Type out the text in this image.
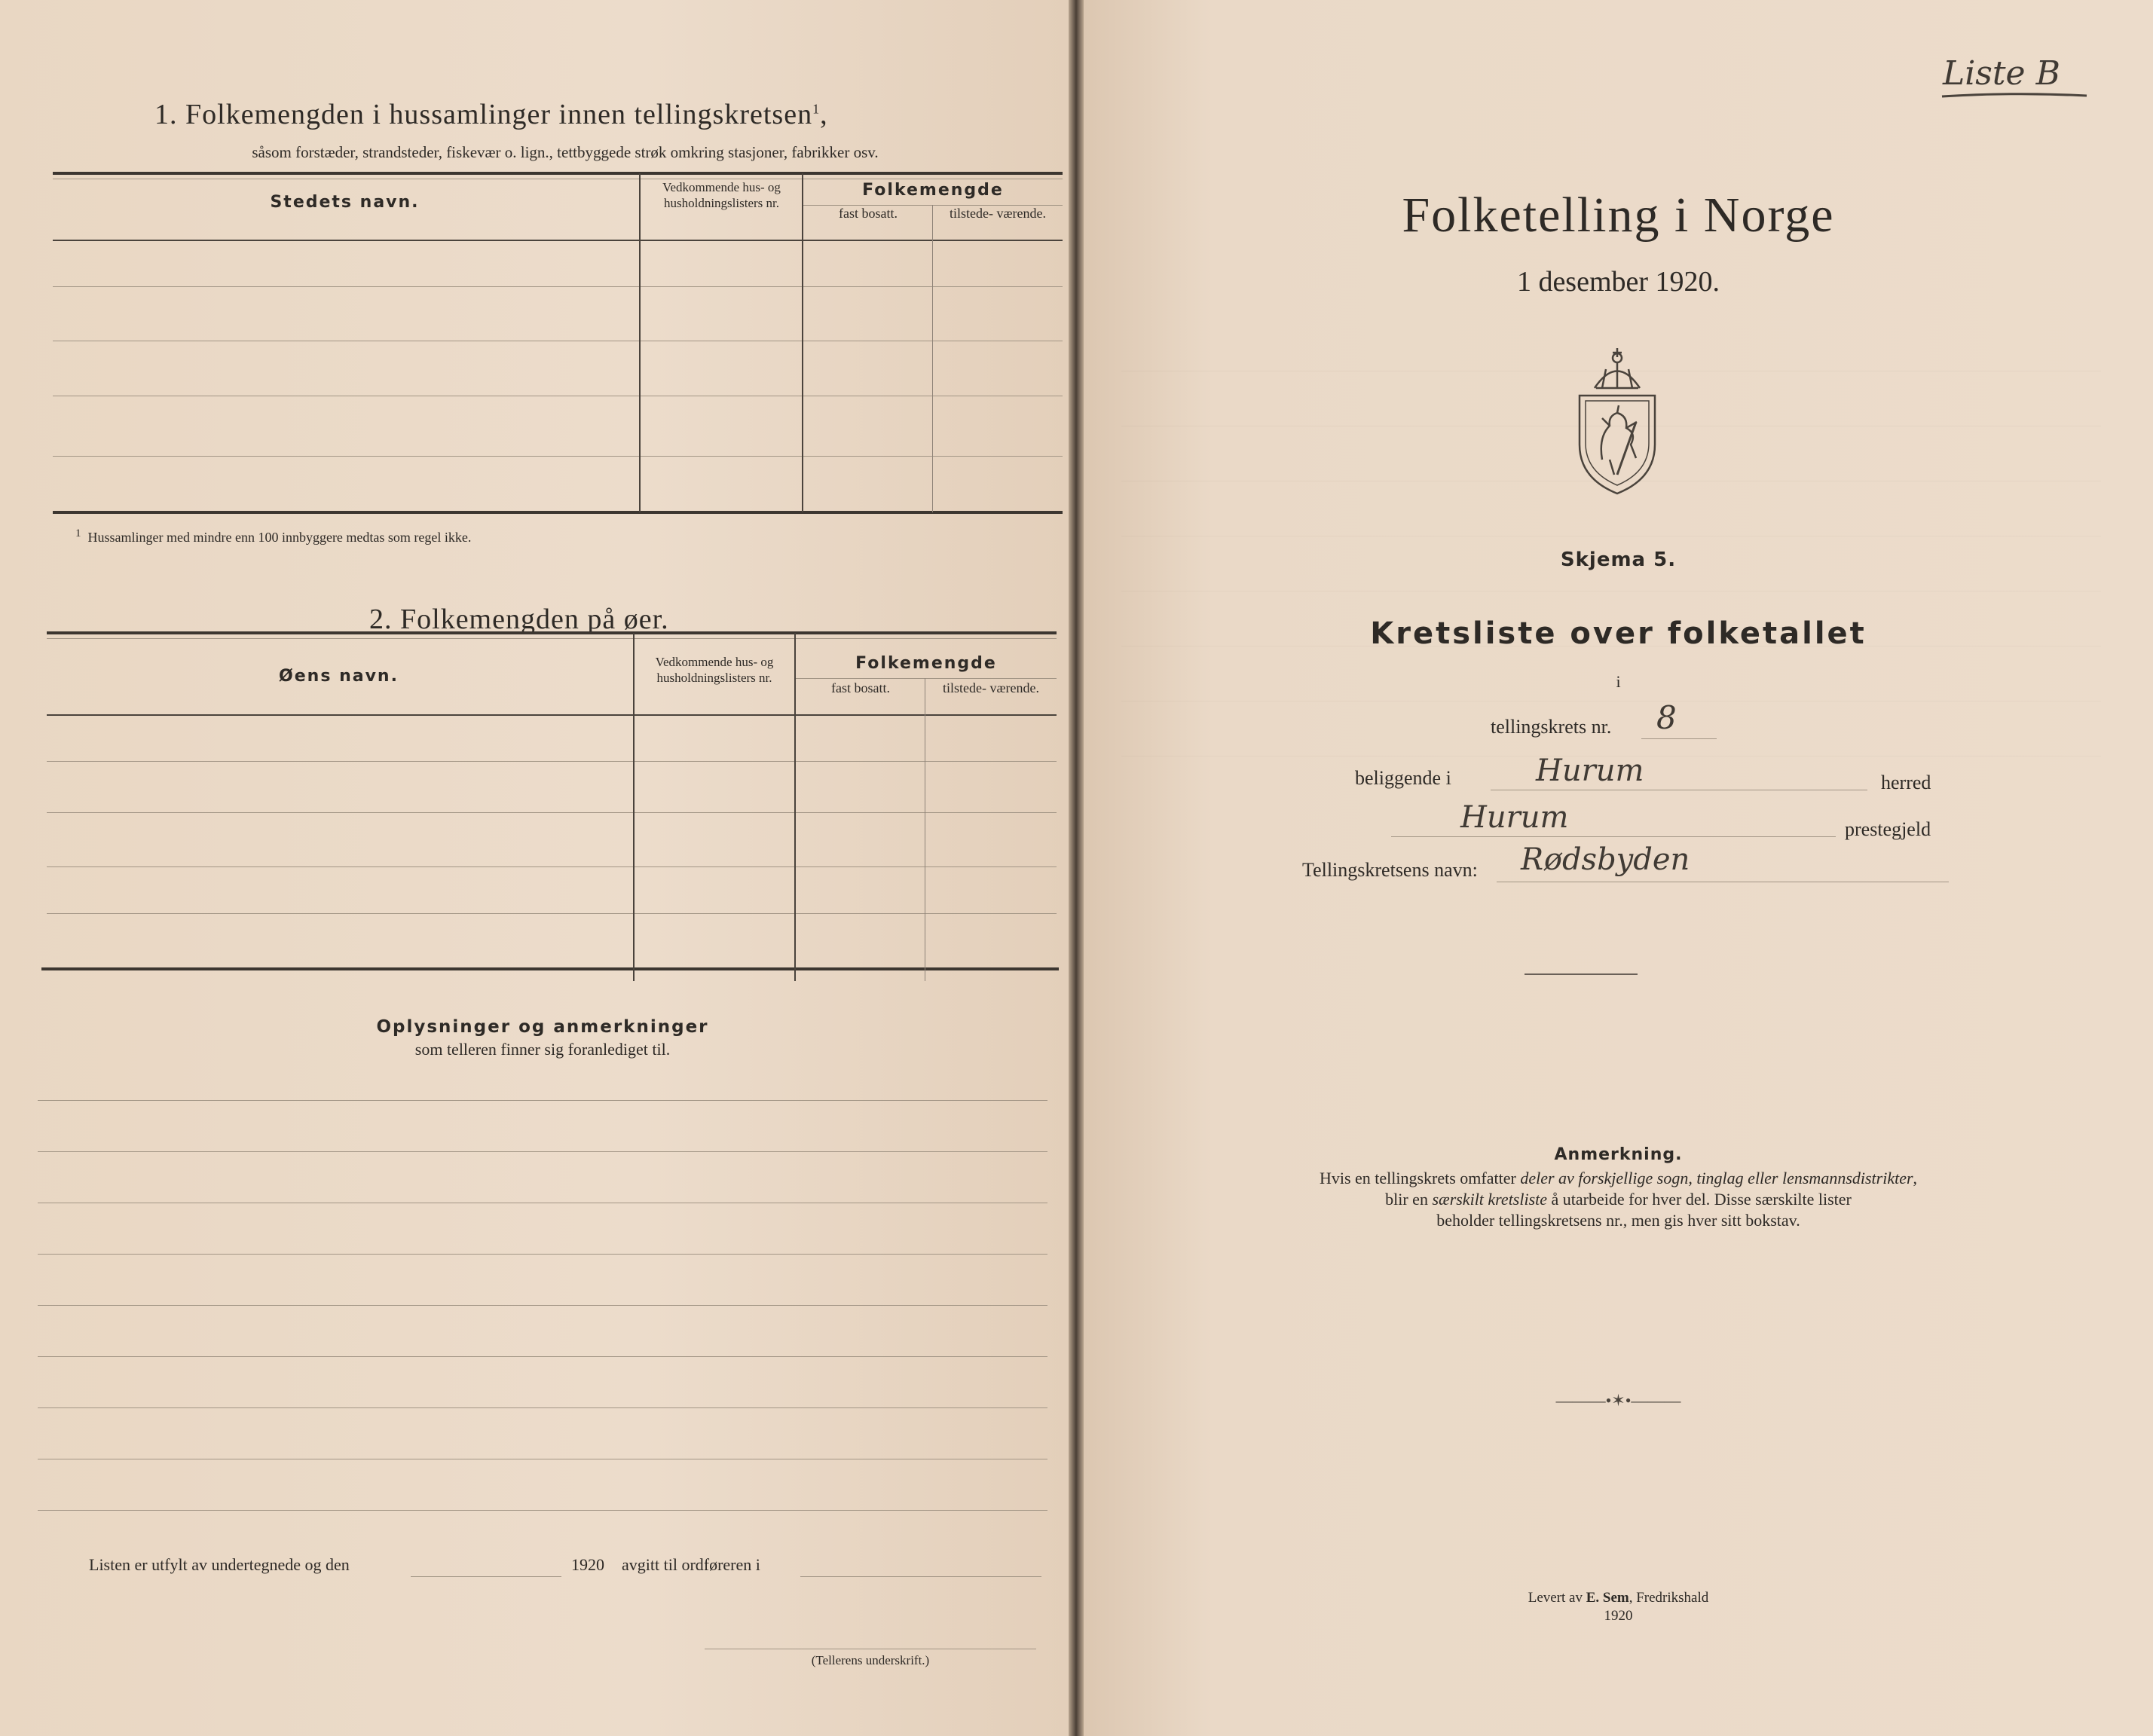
1. Folkemengden i hussamlinger innen tellingskretsen$^1$,
såsom forstæder, strandsteder, fiskevær o. lign., tettbyggede strøk omkring stasjoner, fabrikker osv.
Stedets navn.
Vedkommende hus- og husholdningslisters nr.
Folkemengde
fast bosatt.	tilstede- værende.
$^1$ Hussamlinger med mindre enn 100 innbyggere medtas som regel ikke.
2. Folkemengden på øer.
Øens navn.
Vedkommende hus- og husholdningslisters nr.
Folkemengde
fast bosatt.	tilstede- værende.
Oplysninger og anmerkninger
som telleren finner sig foranlediget til.
Listen er utfylt av undertegnede og den	1920 avgitt til ordføreren i
(Tellerens underskrift.)
Liste B
Folketelling i Norge
1 desember 1920.
Skjema 5.
Kretsliste over folketallet
i
tellingskrets nr. 8
beliggende i	Hurum	herred
Hurum	prestegjeld
Tellingskretsens navn: Rødsbyden
Anmerkning.
Hvis en tellingskrets omfatter deler av forskjellige sogn, tinglag eller lensmannsdistrikter,
blir en særskilt kretsliste å utarbeide for hver del. Disse særskilte lister
beholder tellingskretsens nr., men gis hver sitt bokstav.
———•✶•———
Levert av E. Sem, Fredrikshald
1920
